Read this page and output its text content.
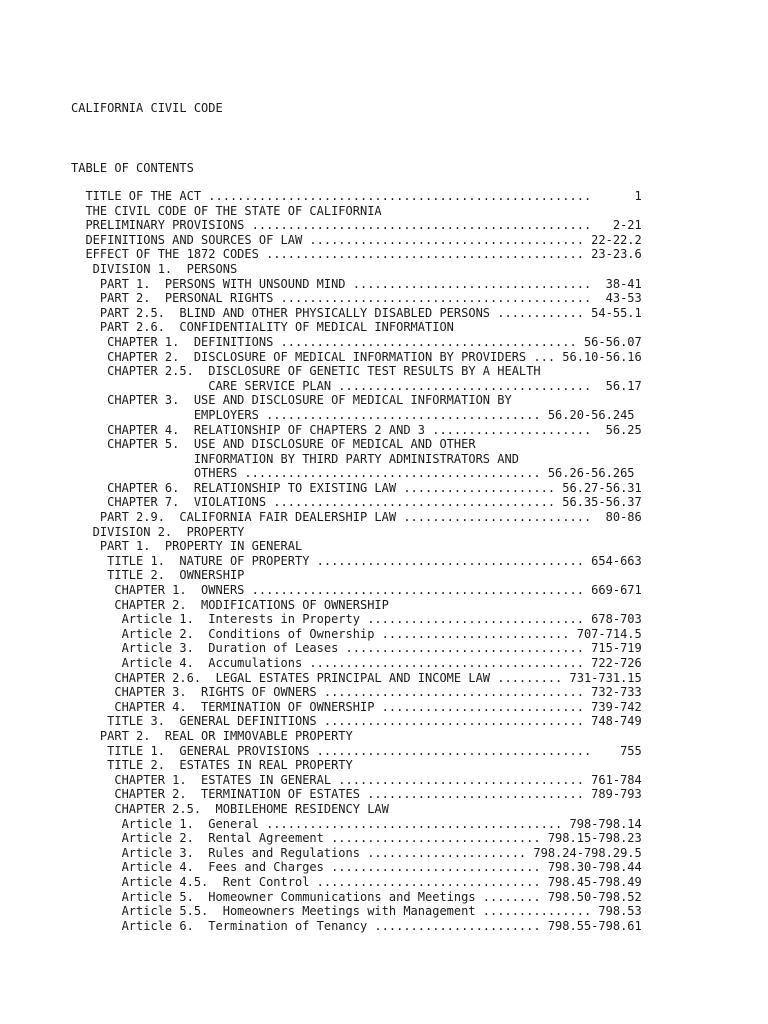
CALIFORNIA CIVIL CODE
TABLE OF CONTENTS
TITLE OF THE ACT .....................................................      1
THE CIVIL CODE OF THE STATE OF CALIFORNIA
PRELIMINARY PROVISIONS ...............................................   2-21
DEFINITIONS AND SOURCES OF LAW ...................................... 22-22.2
EFFECT OF THE 1872 CODES ............................................ 23-23.6
DIVISION 1.  PERSONS
PART 1.  PERSONS WITH UNSOUND MIND .................................  38-41
PART 2.  PERSONAL RIGHTS ...........................................  43-53
PART 2.5.  BLIND AND OTHER PHYSICALLY DISABLED PERSONS ............ 54-55.1
PART 2.6.  CONFIDENTIALITY OF MEDICAL INFORMATION
CHAPTER 1.  DEFINITIONS ......................................... 56-56.07
CHAPTER 2.  DISCLOSURE OF MEDICAL INFORMATION BY PROVIDERS ... 56.10-56.16
CHAPTER 2.5.  DISCLOSURE OF GENETIC TEST RESULTS BY A HEALTH
CARE SERVICE PLAN ...................................  56.17
CHAPTER 3.  USE AND DISCLOSURE OF MEDICAL INFORMATION BY
EMPLOYERS ...................................... 56.20-56.245
CHAPTER 4.  RELATIONSHIP OF CHAPTERS 2 AND 3 ......................  56.25
CHAPTER 5.  USE AND DISCLOSURE OF MEDICAL AND OTHER
INFORMATION BY THIRD PARTY ADMINISTRATORS AND
OTHERS ......................................... 56.26-56.265
CHAPTER 6.  RELATIONSHIP TO EXISTING LAW ..................... 56.27-56.31
CHAPTER 7.  VIOLATIONS ....................................... 56.35-56.37
PART 2.9.  CALIFORNIA FAIR DEALERSHIP LAW ..........................  80-86
DIVISION 2.  PROPERTY
PART 1.  PROPERTY IN GENERAL
TITLE 1.  NATURE OF PROPERTY ..................................... 654-663
TITLE 2.  OWNERSHIP
CHAPTER 1.  OWNERS .............................................. 669-671
CHAPTER 2.  MODIFICATIONS OF OWNERSHIP
Article 1.  Interests in Property .............................. 678-703
Article 2.  Conditions of Ownership .......................... 707-714.5
Article 3.  Duration of Leases ................................. 715-719
Article 4.  Accumulations ...................................... 722-726
CHAPTER 2.6.  LEGAL ESTATES PRINCIPAL AND INCOME LAW ......... 731-731.15
CHAPTER 3.  RIGHTS OF OWNERS .................................... 732-733
CHAPTER 4.  TERMINATION OF OWNERSHIP ............................ 739-742
TITLE 3.  GENERAL DEFINITIONS .................................... 748-749
PART 2.  REAL OR IMMOVABLE PROPERTY
TITLE 1.  GENERAL PROVISIONS ......................................    755
TITLE 2.  ESTATES IN REAL PROPERTY
CHAPTER 1.  ESTATES IN GENERAL .................................. 761-784
CHAPTER 2.  TERMINATION OF ESTATES .............................. 789-793
CHAPTER 2.5.  MOBILEHOME RESIDENCY LAW
Article 1.  General ......................................... 798-798.14
Article 2.  Rental Agreement ............................. 798.15-798.23
Article 3.  Rules and Regulations ...................... 798.24-798.29.5
Article 4.  Fees and Charges ............................. 798.30-798.44
Article 4.5.  Rent Control ............................... 798.45-798.49
Article 5.  Homeowner Communications and Meetings ........ 798.50-798.52
Article 5.5.  Homeowners Meetings with Management ............... 798.53
Article 6.  Termination of Tenancy ....................... 798.55-798.61
